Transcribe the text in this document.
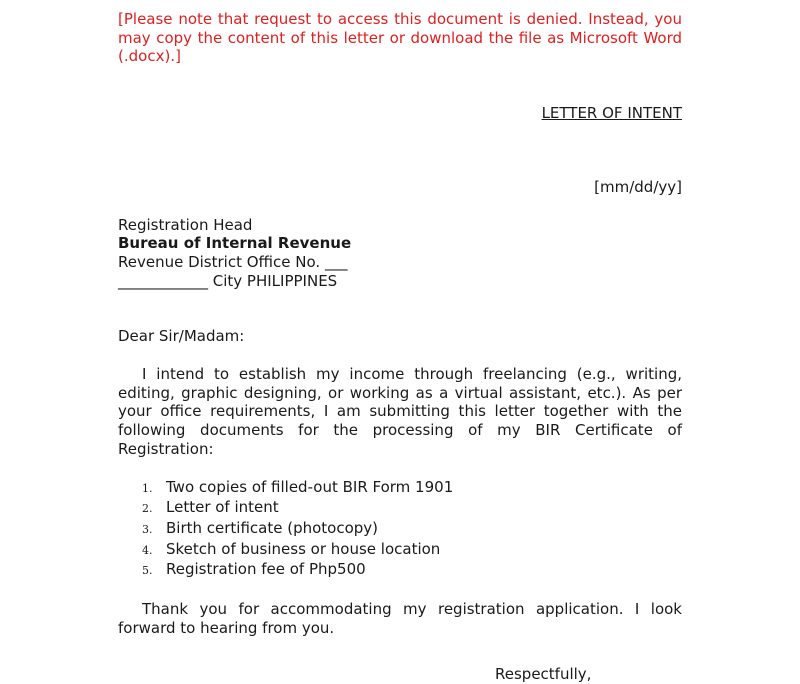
[Please note that request to access this document is denied. Instead, you may copy the content of this letter or download the file as Microsoft Word (.docx).]

LETTER OF INTENT
[mm/dd/yy]
Registration Head
Bureau of Internal Revenue
Revenue District Office No. ___
____________ City PHILIPPINES
Dear Sir/Madam:
I intend to establish my income through freelancing (e.g., writing, editing, graphic designing, or working as a virtual assistant, etc.). As per your office requirements, I am submitting this letter together with the following documents for the processing of my BIR Certificate of Registration:
1. Two copies of filled-out BIR Form 1901
2. Letter of intent
3. Birth certificate (photocopy)
4. Sketch of business or house location
5. Registration fee of Php500
Thank you for accommodating my registration application. I look forward to hearing from you.
Respectfully,
